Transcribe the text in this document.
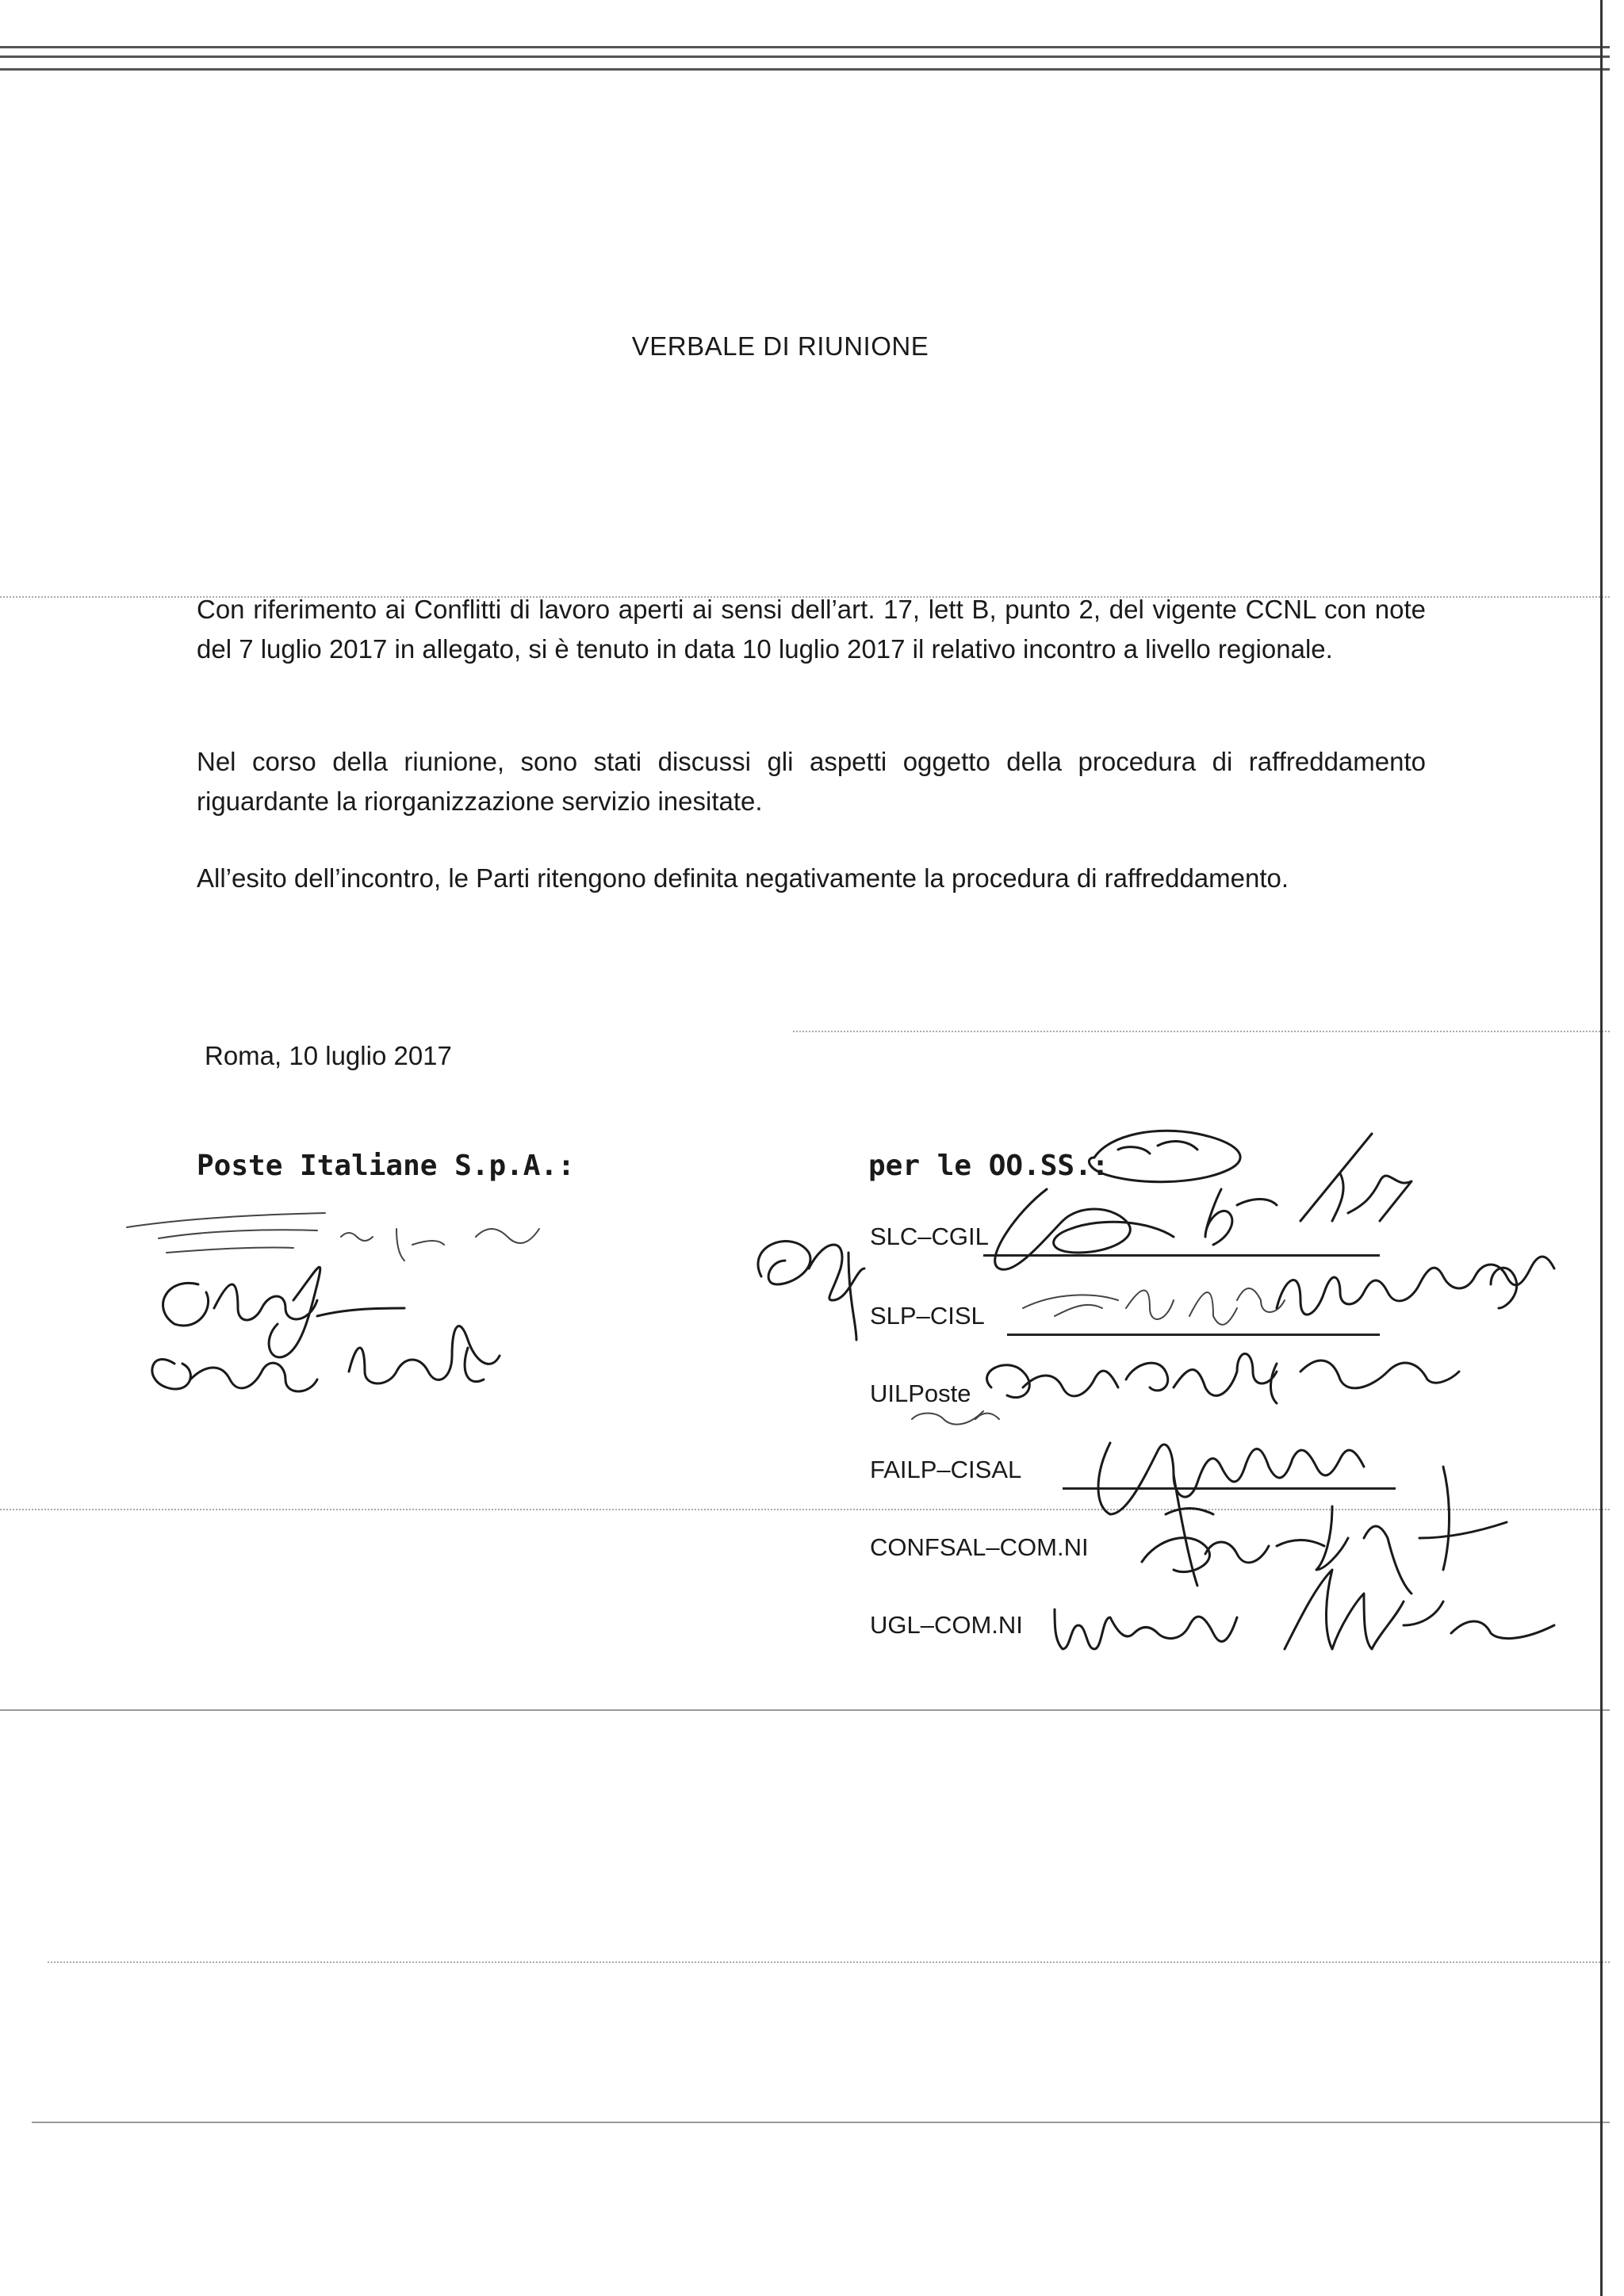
VERBALE DI RIUNIONE

Con riferimento ai Conflitti di lavoro aperti ai sensi dell’art. 17, lett B, punto 2, del vigente CCNL con note del 7 luglio 2017 in allegato, si è tenuto in data 10 luglio 2017 il relativo incontro a livello regionale.

Nel corso della riunione, sono stati discussi gli aspetti oggetto della procedura di raffreddamento riguardante la riorganizzazione servizio inesitate.

All’esito dell’incontro, le Parti ritengono definita negativamente la procedura di raffreddamento.

Roma, 10 luglio 2017
Poste Italiane S.p.A.:	per le OO.SS.:
SLC–CGIL
SLP–CISL
UILPoste
FAILP–CISAL
CONFSAL–COM.NI
UGL–COM.NI
